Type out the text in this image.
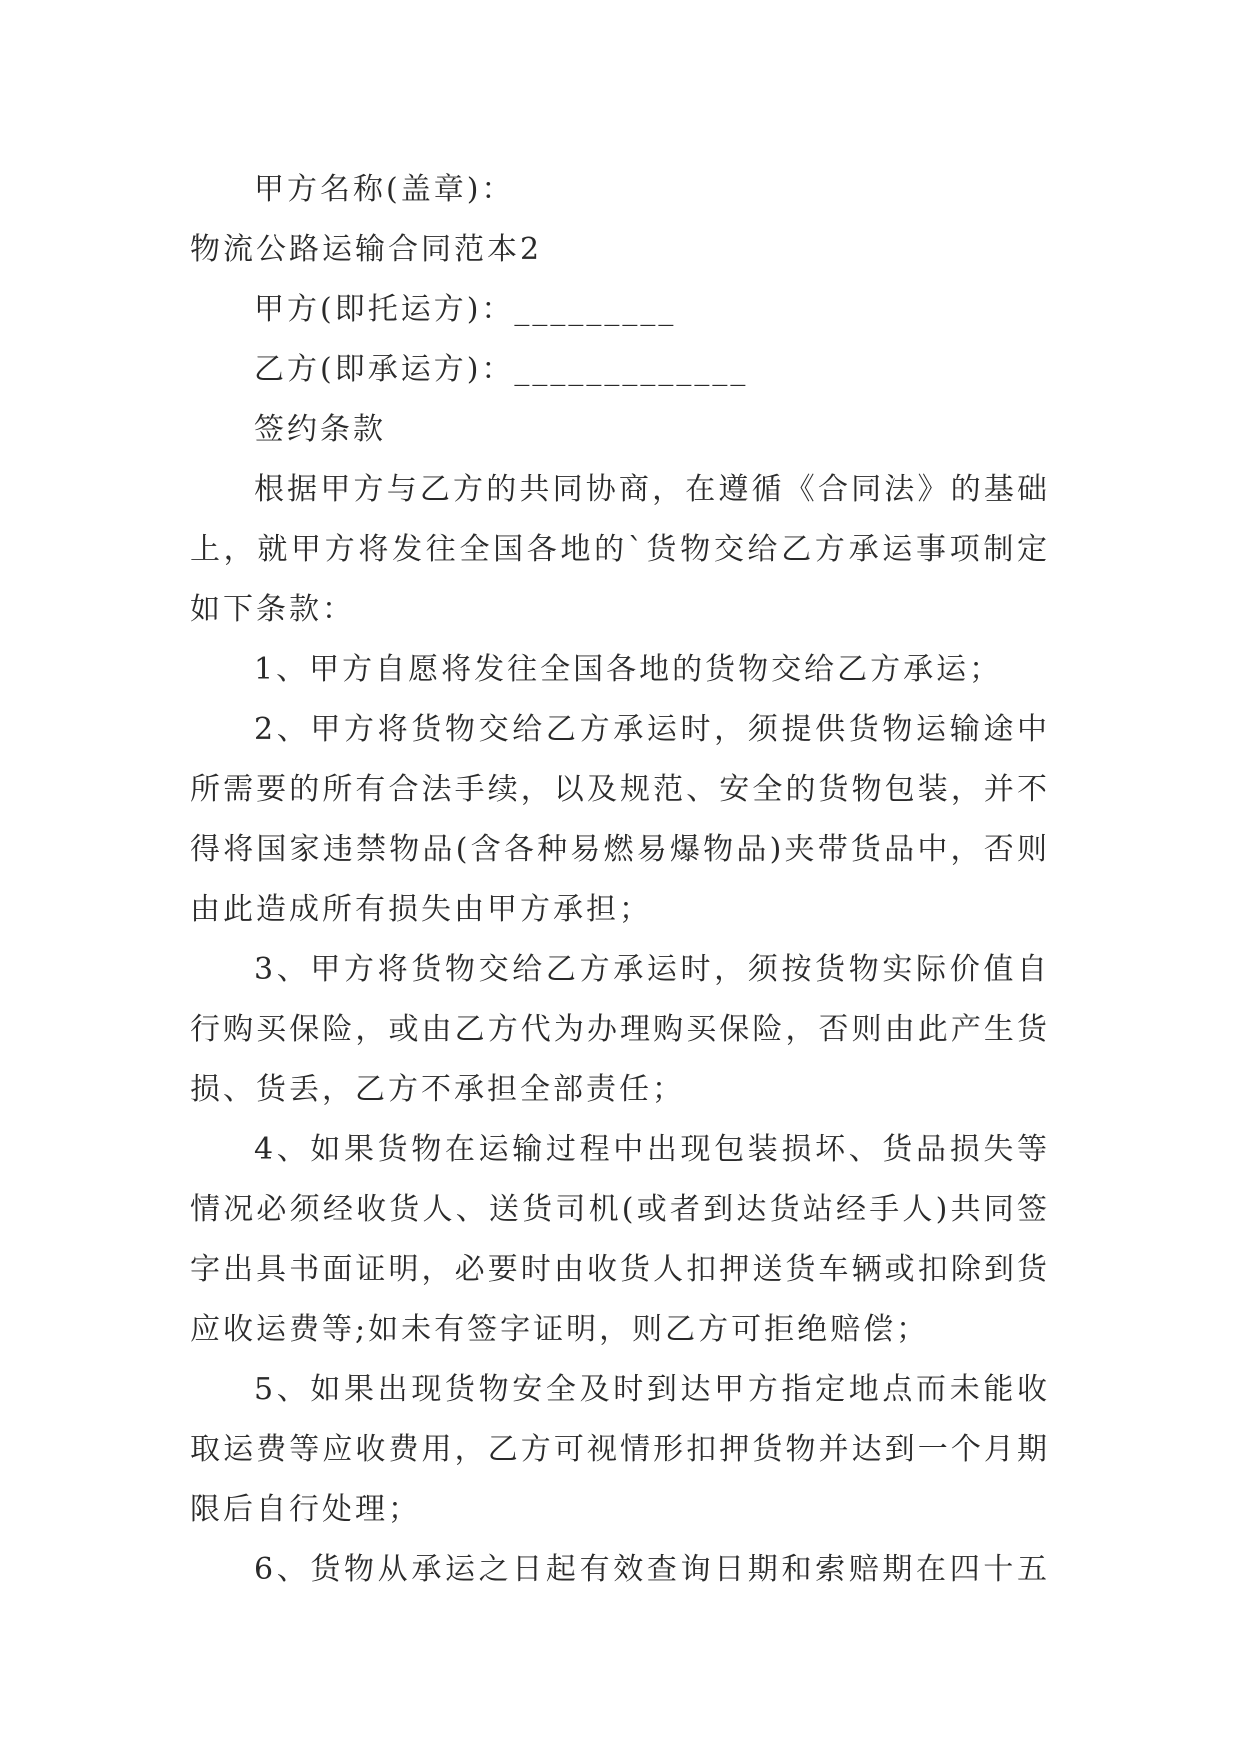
甲方名称(盖章)：
物流公路运输合同范本2
甲方(即托运方)：_________
乙方(即承运方)：_____________
签约条款
根据甲方与乙方的共同协商，在遵循《合同法》的基础
上，就甲方将发往全国各地的`货物交给乙方承运事项制定
如下条款：
1、甲方自愿将发往全国各地的货物交给乙方承运；
2、甲方将货物交给乙方承运时，须提供货物运输途中
所需要的所有合法手续，以及规范、安全的货物包装，并不
得将国家违禁物品(含各种易燃易爆物品)夹带货品中，否则
由此造成所有损失由甲方承担；
3、甲方将货物交给乙方承运时，须按货物实际价值自
行购买保险，或由乙方代为办理购买保险，否则由此产生货
损、货丢，乙方不承担全部责任；
4、如果货物在运输过程中出现包装损坏、货品损失等
情况必须经收货人、送货司机(或者到达货站经手人)共同签
字出具书面证明，必要时由收货人扣押送货车辆或扣除到货
应收运费等;如未有签字证明，则乙方可拒绝赔偿；
5、如果出现货物安全及时到达甲方指定地点而未能收
取运费等应收费用，乙方可视情形扣押货物并达到一个月期
限后自行处理；
6、货物从承运之日起有效查询日期和索赔期在四十五
